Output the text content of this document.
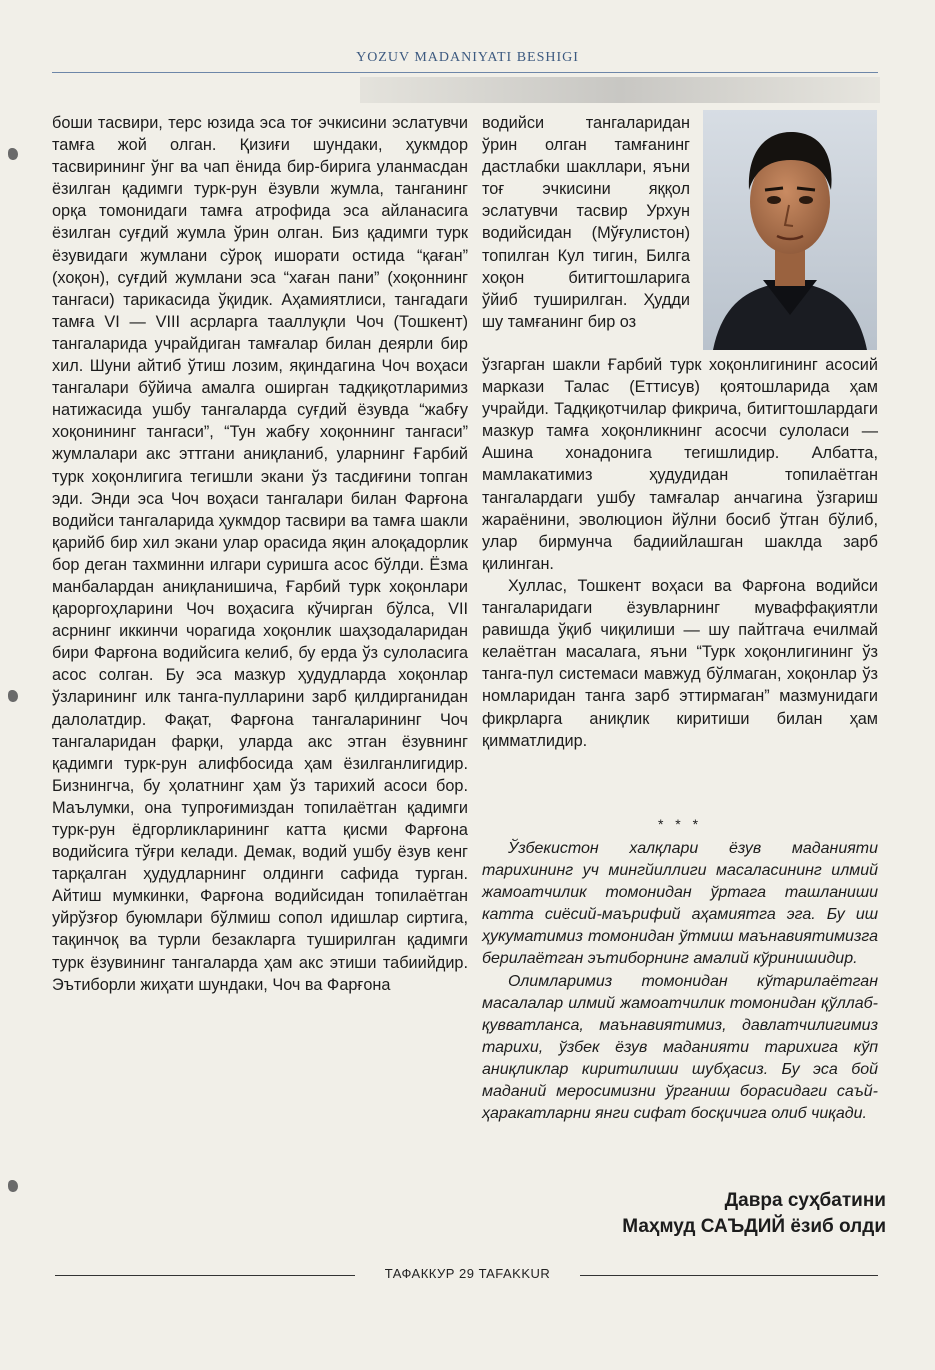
YOZUV MADANIYATI BESHIGI

боши тасвири, терс юзида эса тоғ эчкисини эслатувчи тамға жой олган. Қизиғи шундаки, ҳукмдор тасвирининг ўнг ва чап ёнида бир-бирига уланмасдан ёзилган қадимги турк-рун ёзувли жумла, танганинг орқа томонидаги тамға атрофида эса айланасига ёзилган суғдий жумла ўрин олган. Биз қадимги турк ёзувидаги жумлани сўроқ ишорати остида “қаған” (хоқон), суғдий жумлани эса “хаған пани” (хоқоннинг тангаси) тарикасида ўқидик. Аҳамиятлиси, тангадаги тамға VI — VIII асрларга тааллуқли Чоч (Тошкент) тангаларида учрайдиган тамғалар билан деярли бир хил. Шуни айтиб ўтиш лозим, яқиндагина Чоч воҳаси тангалари бўйича амалга оширган тадқиқотларимиз натижасида ушбу тангаларда суғдий ёзувда “жабғу хоқонининг тангаси”, “Тун жабғу хоқоннинг тангаси” жумлалари акс эттгани аниқланиб, уларнинг Ғарбий турк хоқонлигига тегишли экани ўз тасдиғини топган эди. Энди эса Чоч воҳаси тангалари билан Фарғона водийси тангаларида ҳукмдор тасвири ва тамға шакли қарийб бир хил экани улар орасида яқин алоқадорлик бор деган тахминни илгари суришга асос бўлди. Ёзма манбалардан аниқланишича, Ғарбий турк хоқонлари қароргоҳларини Чоч воҳасига кўчирган бўлса, VII асрнинг иккинчи чорагида хоқонлик шаҳзодаларидан бири Фарғона водийсига келиб, бу ерда ўз сулоласига асос солган. Бу эса мазкур ҳудудларда хоқонлар ўзларининг илк танга-пулларини зарб қилдирганидан далолатдир. Фақат, Фарғона тангаларининг Чоч тангаларидан фарқи, уларда акс этган ёзувнинг қадимги турк-рун алифбосида ҳам ёзилганлигидир. Бизнингча, бу ҳолатнинг ҳам ўз тарихий асоси бор. Маълумки, она тупроғимиздан топилаётган қадимги турк-рун ёдгорликларининг катта қисми Фарғона водийсига тўғри келади. Демак, водий ушбу ёзув кенг тарқалган ҳудудларнинг олдинги сафида турган. Айтиш мумкинки, Фарғона водийсидан топилаётган уйрўзғор буюмлари бўлмиш сопол идишлар сиртига, тақинчоқ ва турли безакларга туширилган қадимги турк ёзувининг тангаларда ҳам акс этиши табиийдир. Эътиборли жиҳати шундаки, Чоч ва Фарғона

водийси тангаларидан ўрин олган тамғанинг дастлабки шакллари, яъни тоғ эчкисини яққол эслатувчи тасвир Урхун водийсидан (Мўғулистон) топилган Кул тигин, Билга хоқон битигтошларига ўйиб туширилган. Ҳудди шу тамғанинг бир оз

ўзгарган шакли Ғарбий турк хоқонлигининг асосий маркази Талас (Еттисув) қоятошларида ҳам учрайди. Тадқиқотчилар фикрича, битигтошлардаги мазкур тамға хоқонликнинг асосчи сулоласи — Ашина хонадонига тегишлидир. Албатта, мамлакатимиз ҳудудидан топилаётган тангалардаги ушбу тамғалар анчагина ўзгариш жараёнини, эволюцион йўлни босиб ўтган бўлиб, улар бирмунча бадиийлашган шаклда зарб қилинган.

Хуллас, Тошкент воҳаси ва Фарғона водийси тангаларидаги ёзувларнинг муваффақиятли равишда ўқиб чиқилиши — шу пайтгача ечилмай келаётган масалага, яъни “Турк хоқонлигининг ўз танга-пул системаси мавжуд бўлмаган, хоқонлар ўз номларидан танга зарб эттирмаган” мазмунидаги фикрларга аниқлик киритиши билан ҳам қимматлидир.

* * *

Ўзбекистон халқлари ёзув маданияти тарихининг уч мингйиллиги масаласининг илмий жамоатчилик томонидан ўртага ташланиши катта сиёсий-маърифий аҳамиятга эга. Бу иш ҳукуматимиз томонидан ўтмиш маънавиятимизга берилаётган эътиборнинг амалий кўринишидир.

Олимларимиз томонидан кўтарилаётган масалалар илмий жамоатчилик томонидан қўллаб-қувватланса, маънавиятимиз, давлатчилигимиз тарихи, ўзбек ёзув маданияти тарихига кўп аниқликлар киритилиши шубҳасиз. Бу эса бой маданий меросимизни ўрганиш борасидаги саъй-ҳаракатларни янги сифат босқичига олиб чиқади.

Давра суҳбатини
Маҳмуд САЪДИЙ ёзиб олди
ТАФАККУР 29 TAFAKKUR
